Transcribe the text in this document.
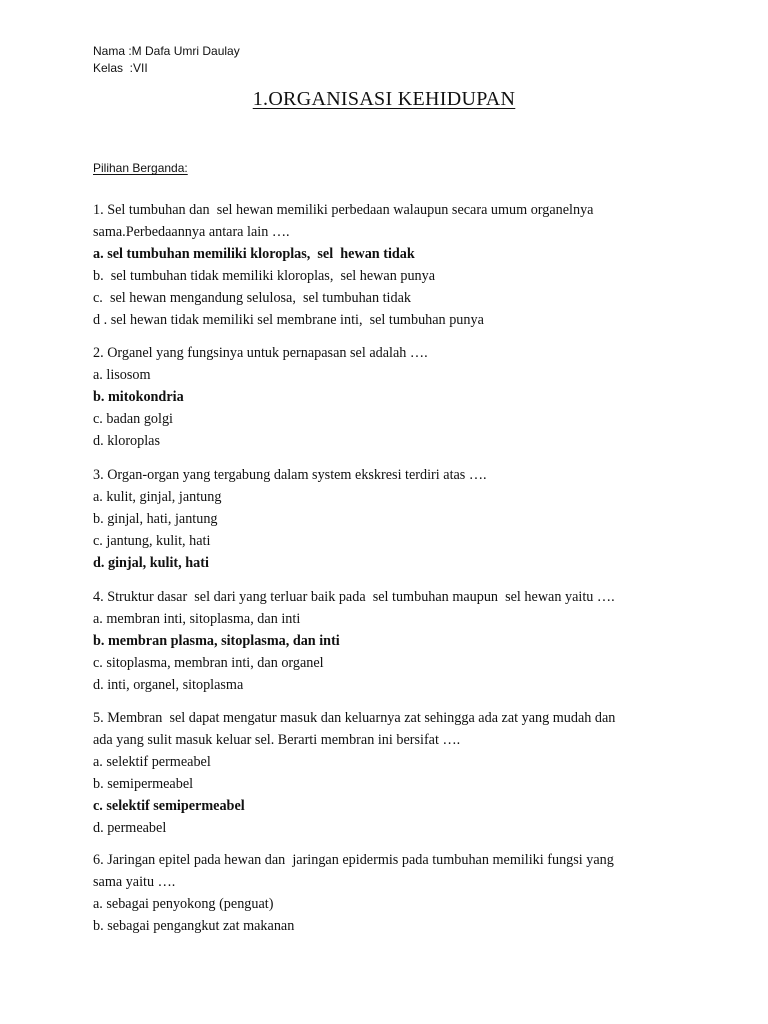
Nama :M Dafa Umri Daulay
Kelas  :VII
1.ORGANISASI KEHIDUPAN
Pilihan Berganda:
1. Sel tumbuhan dan  sel hewan memiliki perbedaan walaupun secara umum organelnya
sama.Perbedaannya antara lain ….
a. sel tumbuhan memiliki kloroplas,  sel  hewan tidak
b.  sel tumbuhan tidak memiliki kloroplas,  sel hewan punya
c.  sel hewan mengandung selulosa,  sel tumbuhan tidak
d . sel hewan tidak memiliki sel membrane inti,  sel tumbuhan punya
2. Organel yang fungsinya untuk pernapasan sel adalah ….
a. lisosom
b. mitokondria
c. badan golgi
d. kloroplas
3. Organ-organ yang tergabung dalam system ekskresi terdiri atas ….
a. kulit, ginjal, jantung
b. ginjal, hati, jantung
c. jantung, kulit, hati
d. ginjal, kulit, hati
4. Struktur dasar  sel dari yang terluar baik pada  sel tumbuhan maupun  sel hewan yaitu ….
a. membran inti, sitoplasma, dan inti
b. membran plasma, sitoplasma, dan inti
c. sitoplasma, membran inti, dan organel
d. inti, organel, sitoplasma
5. Membran  sel dapat mengatur masuk dan keluarnya zat sehingga ada zat yang mudah dan
ada yang sulit masuk keluar sel. Berarti membran ini bersifat ….
a. selektif permeabel
b. semipermeabel
c. selektif semipermeabel
d. permeabel
6. Jaringan epitel pada hewan dan  jaringan epidermis pada tumbuhan memiliki fungsi yang
sama yaitu ….
a. sebagai penyokong (penguat)
b. sebagai pengangkut zat makanan
